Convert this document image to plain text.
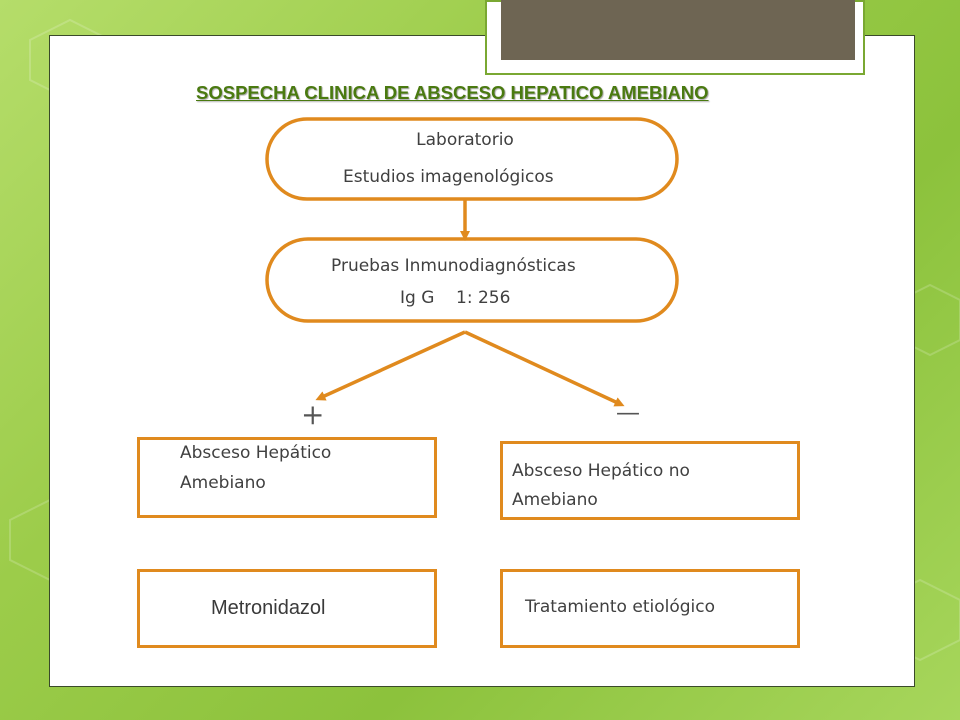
SOSPECHA CLINICA DE ABSCESO HEPATICO AMEBIANO
Laboratorio
Estudios imagenológicos
Pruebas Inmunodiagnósticas
Ig G    1: 256
+	—
Absceso Hepático
Amebiano
Absceso Hepático no
Amebiano
Metronidazol	Tratamiento etiológico
